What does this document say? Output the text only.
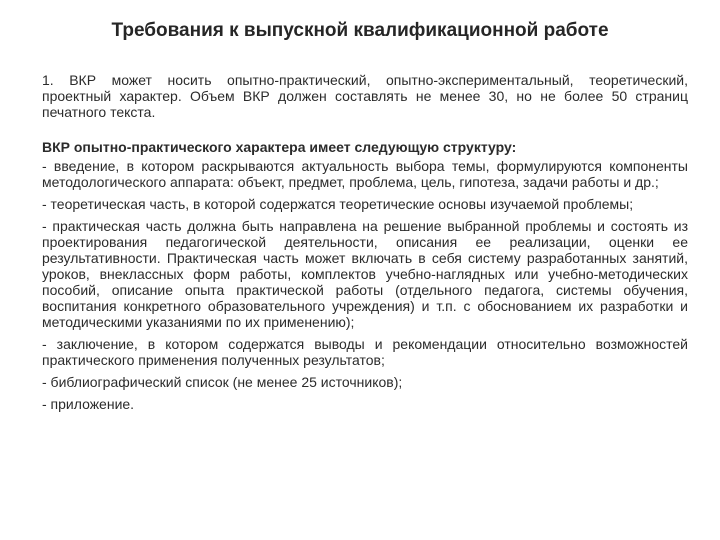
Требования к выпускной квалификационной работе

1. ВКР может носить опытно-практический, опытно-экспериментальный, теоретический, проектный характер. Объем ВКР должен составлять не менее 30, но не более 50 страниц печатного текста.

ВКР опытно-практического характера имеет следующую структуру:

- введение, в котором раскрываются актуальность выбора темы, формулируются компоненты методологического аппарата: объект, предмет, проблема, цель, гипотеза, задачи работы и др.;

- теоретическая часть, в которой содержатся теоретические основы изучаемой проблемы;

- практическая часть должна быть направлена на решение выбранной проблемы и состоять из проектирования педагогической деятельности, описания ее реализации, оценки ее результативности. Практическая часть может включать в себя систему разработанных занятий, уроков, внеклассных форм работы, комплектов учебно-наглядных или учебно-методических пособий, описание опыта практической работы (отдельного педагога, системы обучения, воспитания конкретного образовательного учреждения) и т.п. с обоснованием их разработки и методическими указаниями по их применению);

- заключение, в котором содержатся выводы и рекомендации относительно возможностей практического применения полученных результатов;

- библиографический список (не менее 25 источников);

- приложение.
